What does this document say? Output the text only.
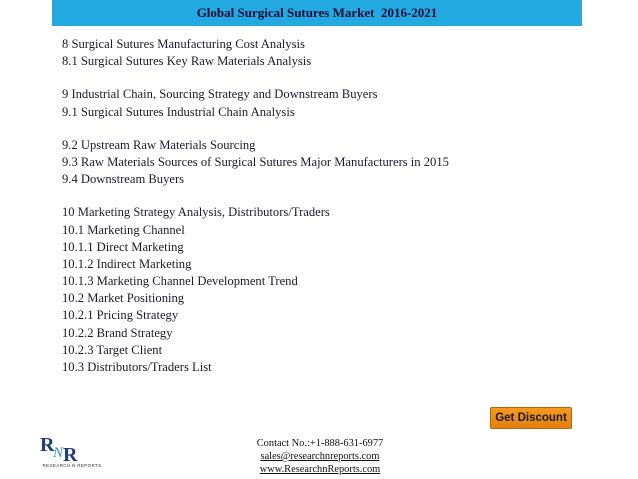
Global Surgical Sutures Market  2016-2021
8 Surgical Sutures Manufacturing Cost Analysis
8.1 Surgical Sutures Key Raw Materials Analysis
9 Industrial Chain, Sourcing Strategy and Downstream Buyers
9.1 Surgical Sutures Industrial Chain Analysis
9.2 Upstream Raw Materials Sourcing
9.3 Raw Materials Sources of Surgical Sutures Major Manufacturers in 2015
9.4 Downstream Buyers
10 Marketing Strategy Analysis, Distributors/Traders
10.1 Marketing Channel
10.1.1 Direct Marketing
10.1.2 Indirect Marketing
10.1.3 Marketing Channel Development Trend
10.2 Market Positioning
10.2.1 Pricing Strategy
10.2.2 Brand Strategy
10.2.3 Target Client
10.3 Distributors/Traders List
Get Discount
R
N R
RESEARCH N REPORTS
Contact No.:+1-888-631-6977
sales@researchnreports.com
www.ResearchnReports.com
